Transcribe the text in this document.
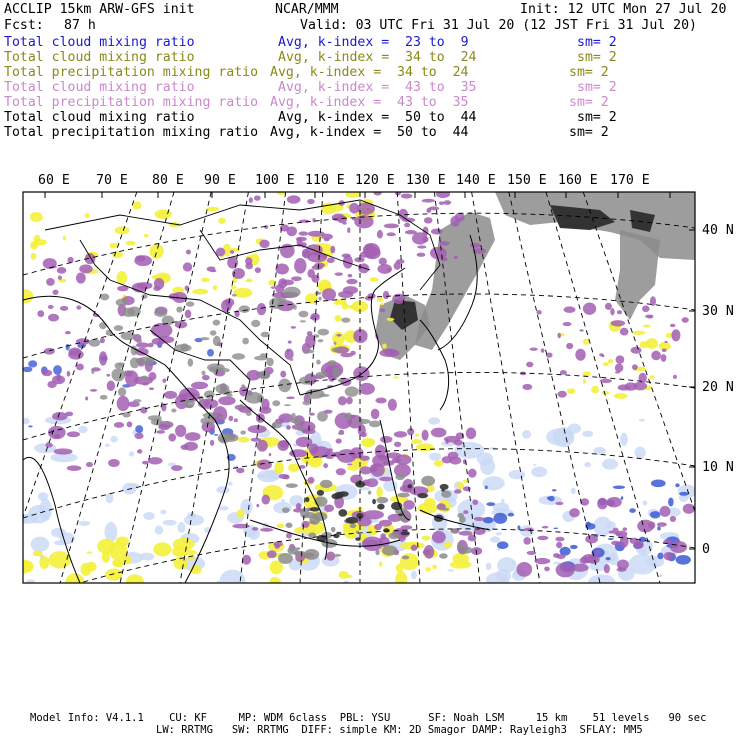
ACCLIP 15km ARW-GFS init	NCAR/MMM	Init: 12 UTC Mon 27 Jul 20
Fcst: 87 h	Valid: 03 UTC Fri 31 Jul 20 (12 JST Fri 31 Jul 20)
Total cloud mixing ratio	Avg, k-index =  23 to  9	sm= 2
Total cloud mixing ratio	Avg, k-index =  34 to  24	sm= 2
Total precipitation mixing ratio Avg, k-index =  34 to  24	sm= 2
Total cloud mixing ratio	Avg, k-index =  43 to  35	sm= 2
Total precipitation mixing ratio Avg, k-index =  43 to  35	sm= 2
Total cloud mixing ratio	Avg, k-index =  50 to  44	sm= 2
Total precipitation mixing ratio Avg, k-index =  50 to  44	sm= 2
60 E 70 E 80 E 90 E 100 E 110 E 120 E 130 E 140 E 150 E 160 E 170 E
40 N
30 N
20 N
10 N
0
Model Info: V4.1.1    CU: KF     MP: WDM 6class  PBL: YSU      SF: Noah LSM     15 km    51 levels   90 sec
LW: RRTMG   SW: RRTMG  DIFF: simple KM: 2D Smagor DAMP: Rayleigh3  SFLAY: MM5
